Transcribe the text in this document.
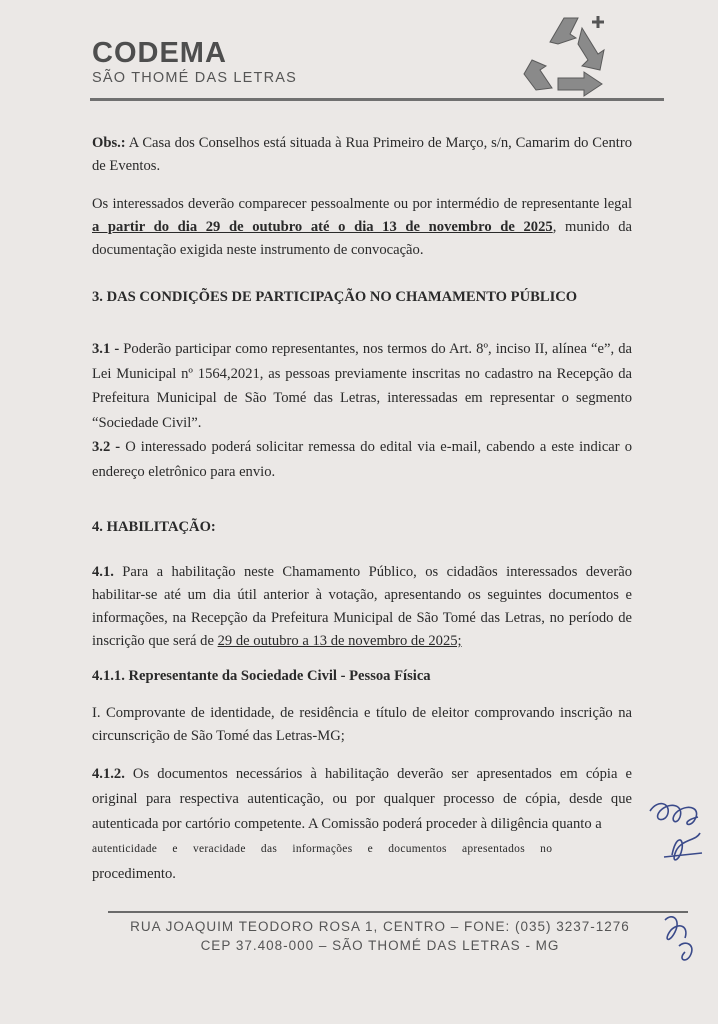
CODEMA
SÃO THOMÉ DAS LETRAS

Obs.: A Casa dos Conselhos está situada à Rua Primeiro de Março, s/n, Camarim do Centro de Eventos.

Os interessados deverão comparecer pessoalmente ou por intermédio de representante legal a partir do dia 29 de outubro até o dia 13 de novembro de 2025, munido da documentação exigida neste instrumento de convocação.

3. DAS CONDIÇÕES DE PARTICIPAÇÃO NO CHAMAMENTO PÚBLICO

3.1 - Poderão participar como representantes, nos termos do Art. 8º, inciso II, alínea “e”, da Lei Municipal nº 1564,2021, as pessoas previamente inscritas no cadastro na Recepção da Prefeitura Municipal de São Tomé das Letras, interessadas em representar o segmento “Sociedade Civil”.

3.2 - O interessado poderá solicitar remessa do edital via e-mail, cabendo a este indicar o endereço eletrônico para envio.

4. HABILITAÇÃO:

4.1. Para a habilitação neste Chamamento Público, os cidadãos interessados deverão habilitar-se até um dia útil anterior à votação, apresentando os seguintes documentos e informações, na Recepção da Prefeitura Municipal de São Tomé das Letras, no período de inscrição que será de 29 de outubro a 13 de novembro de 2025;

4.1.1. Representante da Sociedade Civil - Pessoa Física

I. Comprovante de identidade, de residência e título de eleitor comprovando inscrição na circunscrição de São Tomé das Letras-MG;

4.1.2. Os documentos necessários à habilitação deverão ser apresentados em cópia e original para respectiva autenticação, ou por qualquer processo de cópia, desde que autenticada por cartório competente. A Comissão poderá proceder à diligência quanto a

autenticidade e veracidade das informações e documentos apresentados no

procedimento.

RUA JOAQUIM TEODORO ROSA 1, CENTRO – FONE: (035) 3237-1276
CEP 37.408-000 – SÃO THOMÉ DAS LETRAS - MG
